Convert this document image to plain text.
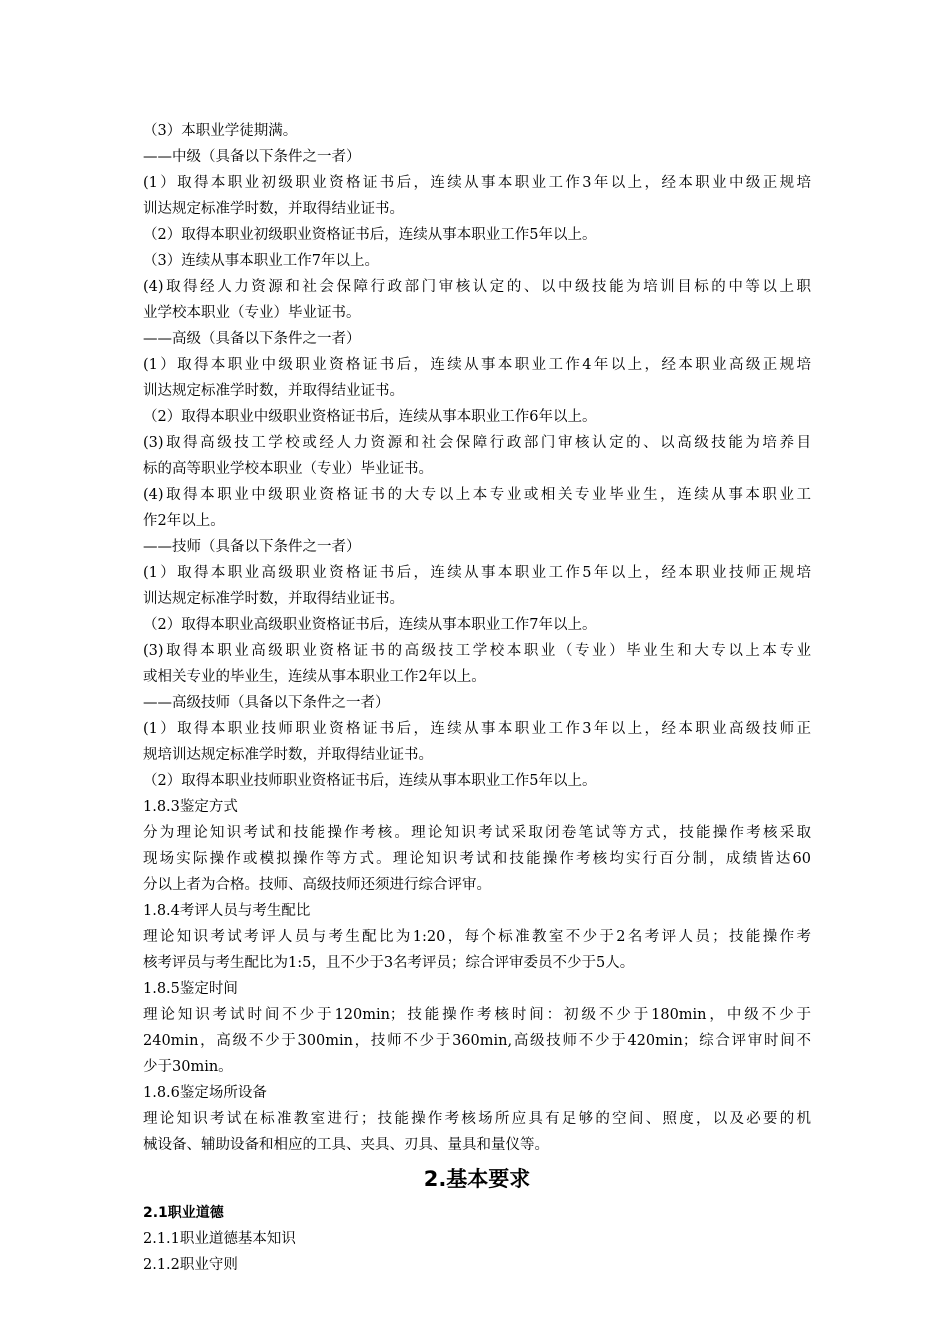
（3）本职业学徒期满。
——中级（具备以下条件之一者）
(1）取得本职业初级职业资格证书后，连续从事本职业工作3年以上，经本职业中级正规培
训达规定标准学时数，并取得结业证书。
（2）取得本职业初级职业资格证书后，连续从事本职业工作5年以上。
（3）连续从事本职业工作7年以上。
(4)取得经人力资源和社会保障行政部门审核认定的、以中级技能为培训目标的中等以上职
业学校本职业（专业）毕业证书。
——高级（具备以下条件之一者）
(1）取得本职业中级职业资格证书后，连续从事本职业工作4年以上，经本职业高级正规培
训达规定标准学时数，并取得结业证书。
（2）取得本职业中级职业资格证书后，连续从事本职业工作6年以上。
(3)取得高级技工学校或经人力资源和社会保障行政部门审核认定的、以高级技能为培养目
标的高等职业学校本职业（专业）毕业证书。
(4)取得本职业中级职业资格证书的大专以上本专业或相关专业毕业生，连续从事本职业工
作2年以上。
——技师（具备以下条件之一者）
(1）取得本职业高级职业资格证书后，连续从事本职业工作5年以上，经本职业技师正规培
训达规定标准学时数，并取得结业证书。
（2）取得本职业高级职业资格证书后，连续从事本职业工作7年以上。
(3)取得本职业高级职业资格证书的高级技工学校本职业（专业）毕业生和大专以上本专业
或相关专业的毕业生，连续从事本职业工作2年以上。
——高级技师（具备以下条件之一者）
(1）取得本职业技师职业资格证书后，连续从事本职业工作3年以上，经本职业高级技师正
规培训达规定标准学时数，并取得结业证书。
（2）取得本职业技师职业资格证书后，连续从事本职业工作5年以上。
1.8.3鉴定方式
分为理论知识考试和技能操作考核。理论知识考试采取闭卷笔试等方式，技能操作考核采取
现场实际操作或模拟操作等方式。理论知识考试和技能操作考核均实行百分制，成绩皆达60
分以上者为合格。技师、高级技师还须进行综合评审。
1.8.4考评人员与考生配比
理论知识考试考评人员与考生配比为1:20，每个标准教室不少于2名考评人员；技能操作考
核考评员与考生配比为1:5，且不少于3名考评员；综合评审委员不少于5人。
1.8.5鉴定时间
理论知识考试时间不少于120min；技能操作考核时间：初级不少于180min，中级不少于
240min，高级不少于300min，技师不少于360min,高级技师不少于420min；综合评审时间不
少于30min。
1.8.6鉴定场所设备
理论知识考试在标准教室进行；技能操作考核场所应具有足够的空间、照度，以及必要的机
械设备、辅助设备和相应的工具、夹具、刃具、量具和量仪等。
2.基本要求
2.1职业道德
2.1.1职业道德基本知识
2.1.2职业守则
